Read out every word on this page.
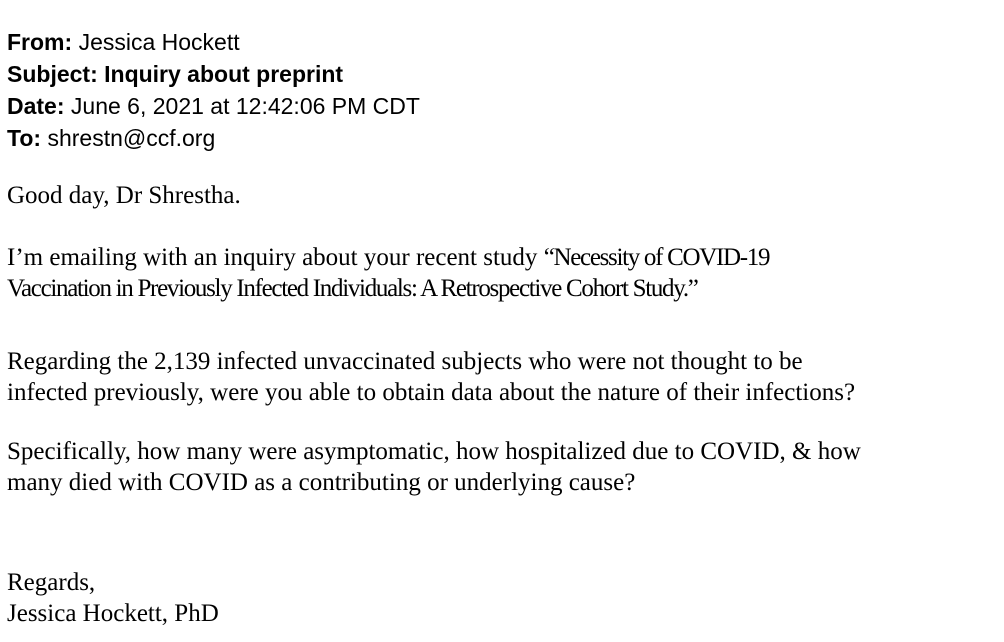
From: Jessica Hockett
Subject: Inquiry about preprint
Date: June 6, 2021 at 12:42:06 PM CDT
To: shrestn@ccf.org
Good day, Dr Shrestha.
I’m emailing with an inquiry about your recent study “Necessity of COVID-19
Vaccination in Previously Infected Individuals: A Retrospective Cohort Study.”
Regarding the 2,139 infected unvaccinated subjects who were not thought to be
infected previously, were you able to obtain data about the nature of their infections?
Specifically, how many were asymptomatic, how hospitalized due to COVID, & how
many died with COVID as a contributing or underlying cause?
Regards,
Jessica Hockett, PhD
